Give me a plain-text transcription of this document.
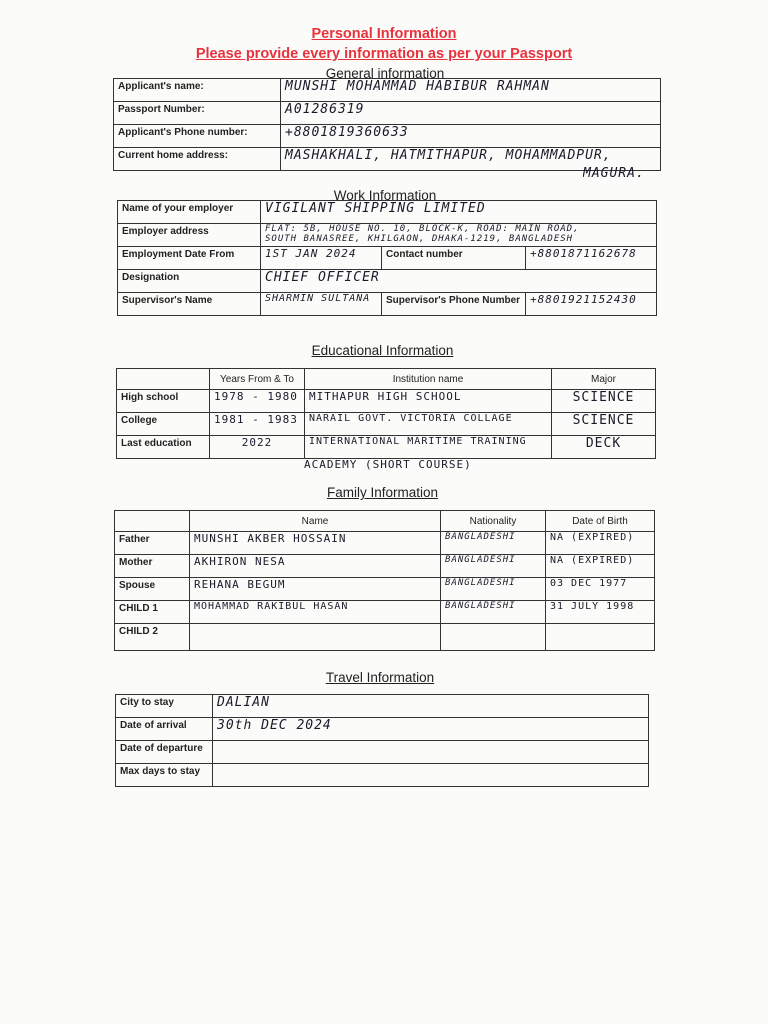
Personal Information
Please provide every information as per your Passport
General information
Applicant's name:	MUNSHI MOHAMMAD HABIBUR RAHMAN
Passport Number:	A01286319
Applicant's Phone number:	+8801819360633
Current home address:	MASHAKHALI, HATMITHAPUR, MOHAMMADPUR,
MAGURA.
Work Information
Name of your employer	VIGILANT SHIPPING LIMITED		
Employer address	FLAT: 5B, HOUSE NO. 10, BLOCK-K, ROAD: MAIN ROAD,
SOUTH BANASREE, KHILGAON, DHAKA-1219, BANGLADESH		

Employment Date From	1ST JAN 2024	Contact number	+8801871162678
Designation	CHIEF OFFICER		
Supervisor's Name	SHARMIN SULTANA	Supervisor's Phone Number	+8801921152430
Educational Information
	Years From & To	Institution name	Major
High school	1978 - 1980	MITHAPUR HIGH SCHOOL	SCIENCE
College	1981 - 1983	NARAIL GOVT. VICTORIA COLLAGE	SCIENCE
Last education	2022	INTERNATIONAL MARITIME TRAINING	DECK
ACADEMY (SHORT COURSE)
Family Information
	Name	Nationality	Date of Birth
Father	MUNSHI AKBER HOSSAIN	BANGLADESHI	NA (EXPIRED)
Mother	AKHIRON NESA	BANGLADESHI	NA (EXPIRED)
Spouse	REHANA BEGUM	BANGLADESHI	03 DEC 1977
CHILD 1	MOHAMMAD RAKIBUL HASAN	BANGLADESHI	31 JULY 1998
CHILD 2			
Travel Information
City to stay	DALIAN
Date of arrival	30th DEC 2024
Date of departure	
Max days to stay	
